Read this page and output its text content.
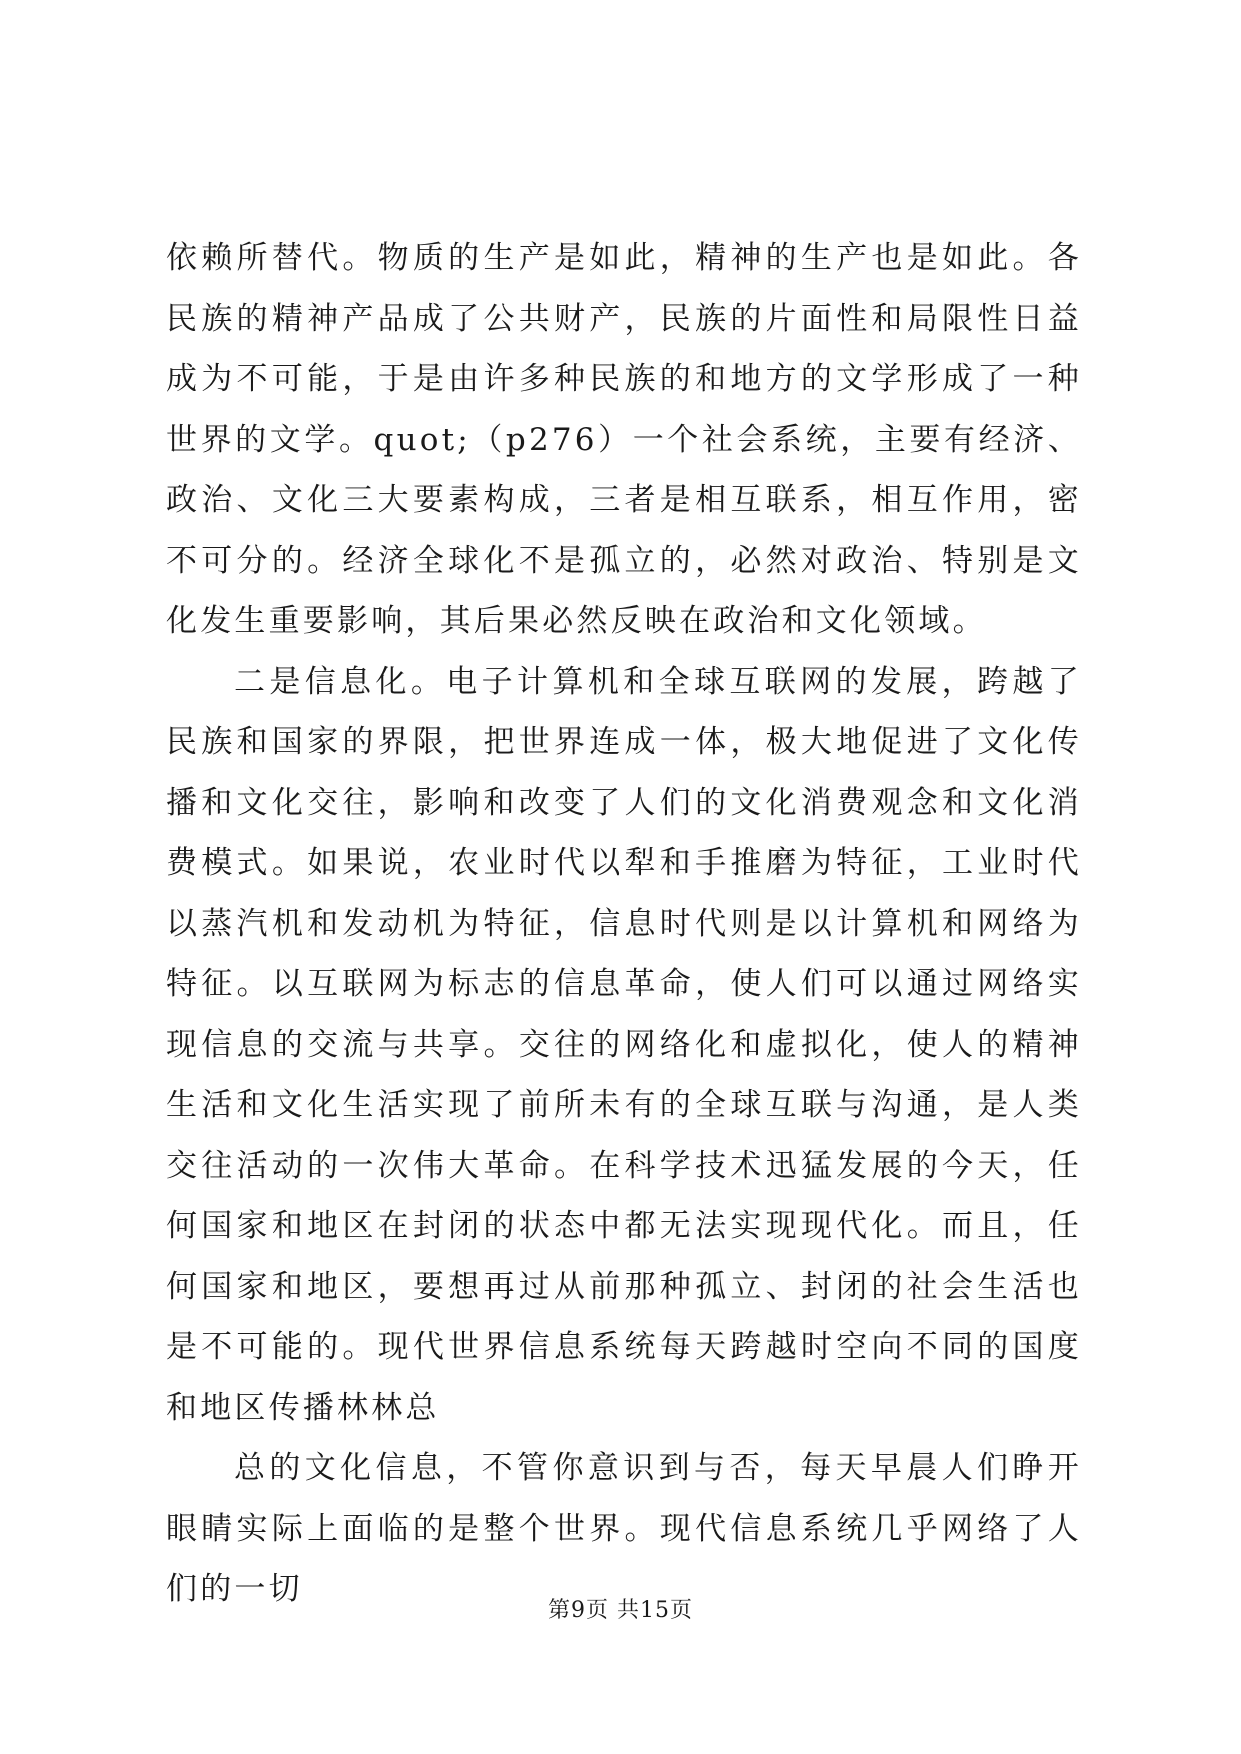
依赖所替代。物质的生产是如此，精神的生产也是如此。各民族的精神产品成了公共财产，民族的片面性和局限性日益成为不可能，于是由许多种民族的和地方的文学形成了一种世界的文学。quot;（p276）一个社会系统，主要有经济、政治、文化三大要素构成，三者是相互联系，相互作用，密不可分的。经济全球化不是孤立的，必然对政治、特别是文化发生重要影响，其后果必然反映在政治和文化领域。

二是信息化。电子计算机和全球互联网的发展，跨越了民族和国家的界限，把世界连成一体，极大地促进了文化传播和文化交往，影响和改变了人们的文化消费观念和文化消费模式。如果说，农业时代以犁和手推磨为特征，工业时代以蒸汽机和发动机为特征，信息时代则是以计算机和网络为特征。以互联网为标志的信息革命，使人们可以通过网络实现信息的交流与共享。交往的网络化和虚拟化，使人的精神生活和文化生活实现了前所未有的全球互联与沟通，是人类交往活动的一次伟大革命。在科学技术迅猛发展的今天，任何国家和地区在封闭的状态中都无法实现现代化。而且，任何国家和地区，要想再过从前那种孤立、封闭的社会生活也是不可能的。现代世界信息系统每天跨越时空向不同的国度和地区传播林林总

总的文化信息，不管你意识到与否，每天早晨人们睁开眼睛实际上面临的是整个世界。现代信息系统几乎网络了人们的一切

第9页 共15页
